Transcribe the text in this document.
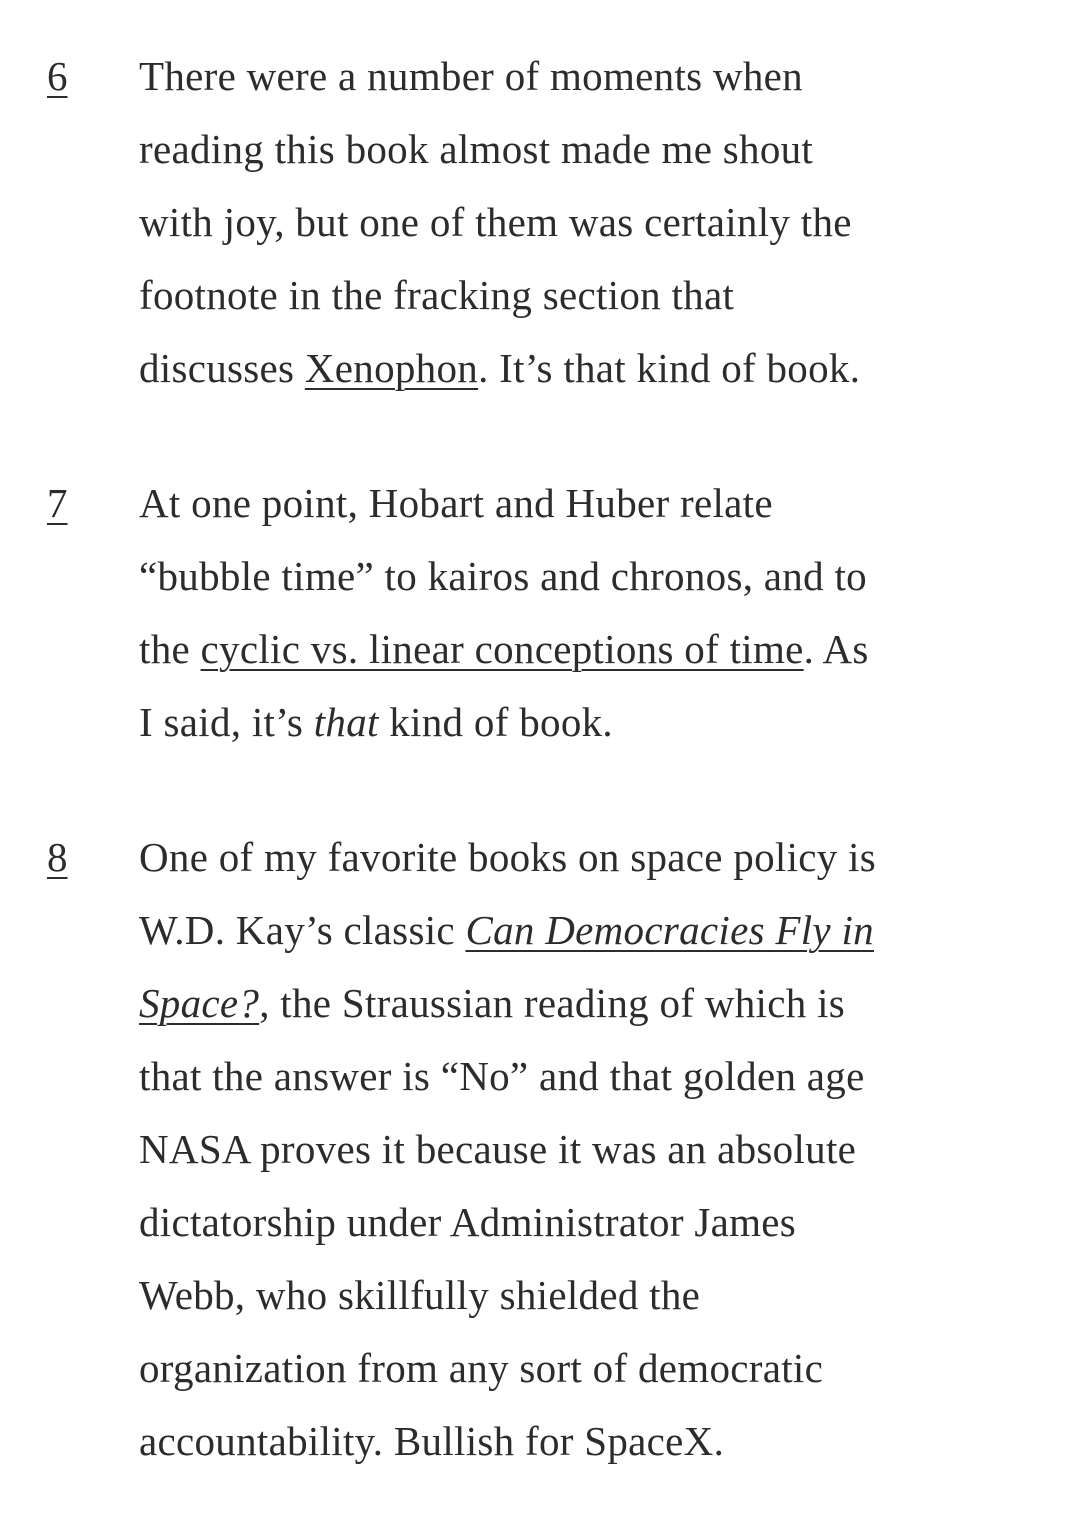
6 There were a number of moments when
reading this book almost made me shout
with joy, but one of them was certainly the
footnote in the fracking section that
discusses Xenophon. It’s that kind of book.
7 At one point, Hobart and Huber relate
“bubble time” to kairos and chronos, and to
the cyclic vs. linear conceptions of time. As
I said, it’s that kind of book.
8 One of my favorite books on space policy is
W.D. Kay’s classic Can Democracies Fly in
Space?, the Straussian reading of which is
that the answer is “No” and that golden age
NASA proves it because it was an absolute
dictatorship under Administrator James
Webb, who skillfully shielded the
organization from any sort of democratic
accountability. Bullish for SpaceX.
